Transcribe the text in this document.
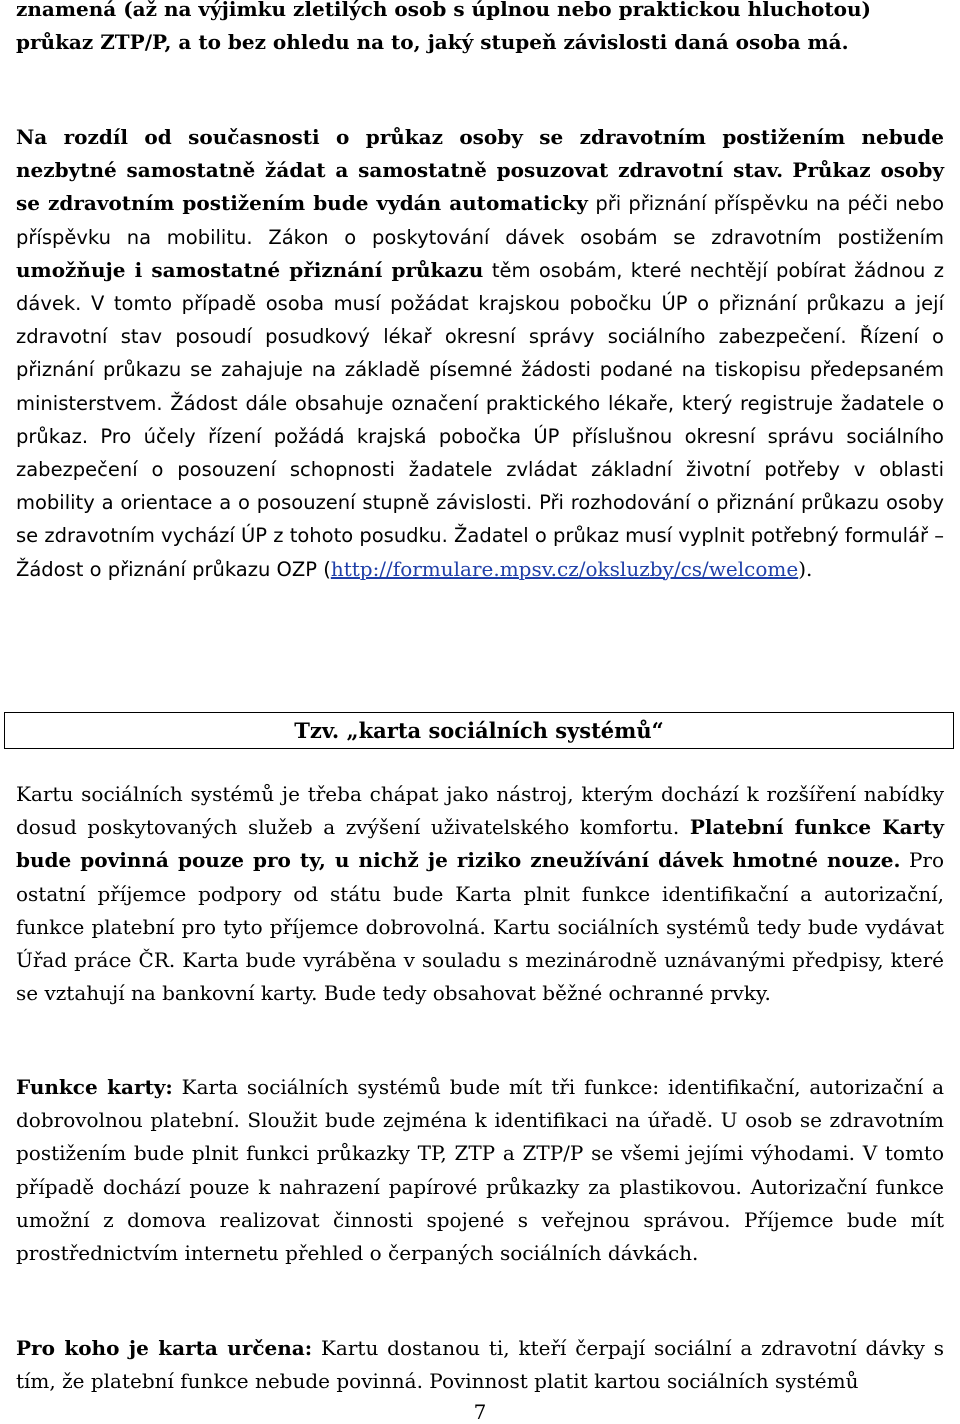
znamená (až na výjimku zletilých osob s úplnou nebo praktickou hluchotou)
průkaz ZTP/P, a to bez ohledu na to, jaký stupeň závislosti daná osoba má.

Na rozdíl od současnosti o průkaz osoby se zdravotním postižením nebude nezbytné samostatně žádat a samostatně posuzovat zdravotní stav. Průkaz osoby se zdravotním postižením bude vydán automaticky při přiznání příspěvku na péči nebo příspěvku na mobilitu. Zákon o poskytování dávek osobám se zdravotním postižením umožňuje i samostatné přiznání průkazu těm osobám, které nechtějí pobírat žádnou z dávek. V tomto případě osoba musí požádat krajskou pobočku ÚP o přiznání průkazu a její zdravotní stav posoudí posudkový lékař okresní správy sociálního zabezpečení. Řízení o přiznání průkazu se zahajuje na základě písemné žádosti podané na tiskopisu předepsaném ministerstvem. Žádost dále obsahuje označení praktického lékaře, který registruje žadatele o průkaz. Pro účely řízení požádá krajská pobočka ÚP příslušnou okresní správu sociálního zabezpečení o posouzení schopnosti žadatele zvládat základní životní potřeby v oblasti mobility a orientace a o posouzení stupně závislosti. Při rozhodování o přiznání průkazu osoby se zdravotním vychází ÚP z tohoto posudku. Žadatel o průkaz musí vyplnit potřebný formulář – Žádost o přiznání průkazu OZP (http://formulare.mpsv.cz/oksluzby/cs/welcome).

Tzv. „karta sociálních systémů“

Kartu sociálních systémů je třeba chápat jako nástroj, kterým dochází k rozšíření nabídky dosud poskytovaných služeb a zvýšení uživatelského komfortu. Platební funkce Karty bude povinná pouze pro ty, u nichž je riziko zneužívání dávek hmotné nouze. Pro ostatní příjemce podpory od státu bude Karta plnit funkce identifikační a autorizační, funkce platební pro tyto příjemce dobrovolná. Kartu sociálních systémů tedy bude vydávat Úřad práce ČR. Karta bude vyráběna v souladu s mezinárodně uznávanými předpisy, které se vztahují na bankovní karty. Bude tedy obsahovat běžné ochranné prvky.

Funkce karty: Karta sociálních systémů bude mít tři funkce: identifikační, autorizační a dobrovolnou platební. Sloužit bude zejména k identifikaci na úřadě. U osob se zdravotním postižením bude plnit funkci průkazky TP, ZTP a ZTP/P se všemi jejími výhodami. V tomto případě dochází pouze k nahrazení papírové průkazky za plastikovou. Autorizační funkce umožní z domova realizovat činnosti spojené s veřejnou správou. Příjemce bude mít prostřednictvím internetu přehled o čerpaných sociálních dávkách.

Pro koho je karta určena: Kartu dostanou ti, kteří čerpají sociální a zdravotní dávky s tím, že platební funkce nebude povinná. Povinnost platit kartou sociálních systémů

7
